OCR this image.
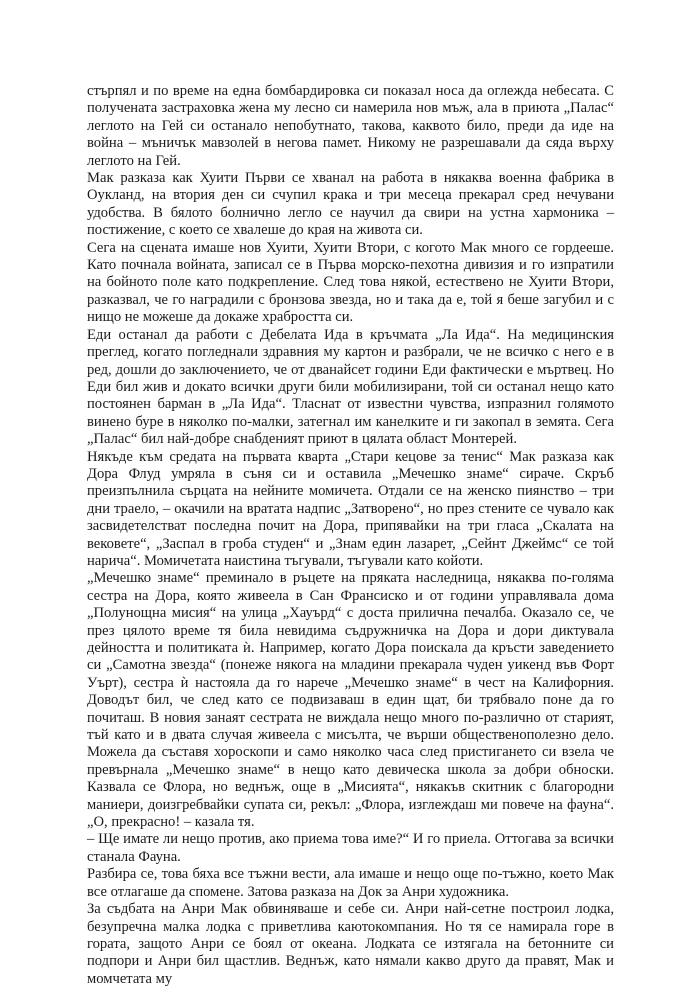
стърпял и по време на една бомбардировка си показал носа да оглежда небесата. С получената застраховка жена му лесно си намерила нов мъж, ала в приюта „Палас“ леглото на Гей си останало непобутнато, такова, каквото било, преди да иде на война – мъничък мавзолей в негова памет. Никому не разрешавали да сяда върху леглото на Гей.

Мак разказа как Хуити Първи се хванал на работа в някаква военна фабрика в Оукланд, на втория ден си счупил крака и три месеца прекарал сред нечувани удобства. В бялото болнично легло се научил да свири на устна хармоника – постижение, с което се хвалеше до края на живота си.

Сега на сцената имаше нов Хуити, Хуити Втори, с когото Мак много се гордееше. Като почнала войната, записал се в Първа морско-пехотна дивизия и го изпратили на бойното поле като подкрепление. След това някой, естествено не Хуити Втори, разказвал, че го наградили с бронзова звезда, но и така да е, той я беше загубил и с нищо не можеше да докаже храбростта си.

Еди останал да работи с Дебелата Ида в кръчмата „Ла Ида“. На медицинския преглед, когато погледнали здравния му картон и разбрали, че не всичко с него е в ред, дошли до заключението, че от дванайсет години Еди фактически е мъртвец. Но Еди бил жив и докато всички други били мобилизирани, той си останал нещо като постоянен барман в „Ла Ида“. Тласнат от известни чувства, изпразнил голямото винено буре в няколко по-малки, затегнал им канелките и ги закопал в земята. Сега „Палас“ бил най-добре снабденият приют в цялата област Монтерей.

Някъде към средата на първата кварта „Стари кецове за тенис“ Мак разказа как Дора Флуд умряла в съня си и оставила „Мечешко знаме“ сираче. Скръб преизпълнила сърцата на нейните момичета. Отдали се на женско пиянство – три дни траело, – окачили на вратата надпис „Затворено“, но през стените се чувало как засвидетелстват последна почит на Дора, припявайки на три гласа „Скалата на вековете“, „Заспал в гроба студен“ и „Знам един лазарет, „Сейнт Джеймс“ се той нарича“. Момичетата наистина тъгували, тъгували като койоти.

„Мечешко знаме“ преминало в ръцете на пряката наследница, някаква по-голяма сестра на Дора, която живеела в Сан Франсиско и от години управлявала дома „Полунощна мисия“ на улица „Хауърд“ с доста прилична печалба. Оказало се, че през цялото време тя била невидима съдружничка на Дора и дори диктувала дейността и политиката ѝ. Например, когато Дора поискала да кръсти заведението си „Самотна звезда“ (понеже някога на младини прекарала чуден уикенд във Форт Уърт), сестра ѝ настояла да го нарече „Мечешко знаме“ в чест на Калифорния. Доводът бил, че след като се подвизаваш в един щат, би трябвало поне да го почиташ. В новия занаят сестрата не виждала нещо много по-различно от старият, тъй като и в двата случая живеела с мисълта, че върши общественополезно дело. Можела да съставя хороскопи и само няколко часа след пристигането си взела че превърнала „Мечешко знаме“ в нещо като девическа школа за добри обноски. Казвала се Флора, но веднъж, още в „Мисията“, някакъв скитник с благородни маниери, доизгребвайки супата си, рекъл: „Флора, изглеждаш ми повече на фауна“. „О, прекрасно! – казала тя.

– Ще имате ли нещо против, ако приема това име?“ И го приела. Оттогава за всички станала Фауна.

Разбира се, това бяха все тъжни вести, ала имаше и нещо още по-тъжно, което Мак все отлагаше да спомене. Затова разказа на Док за Анри художника.

За съдбата на Анри Мак обвиняваше и себе си. Анри най-сетне построил лодка, безупречна малка лодка с приветлива каютокомпания. Но тя се намирала горе в гората, защото Анри се боял от океана. Лодката се изтягала на бетонните си подпори и Анри бил щастлив. Веднъж, като нямали какво друго да правят, Мак и момчетата му
